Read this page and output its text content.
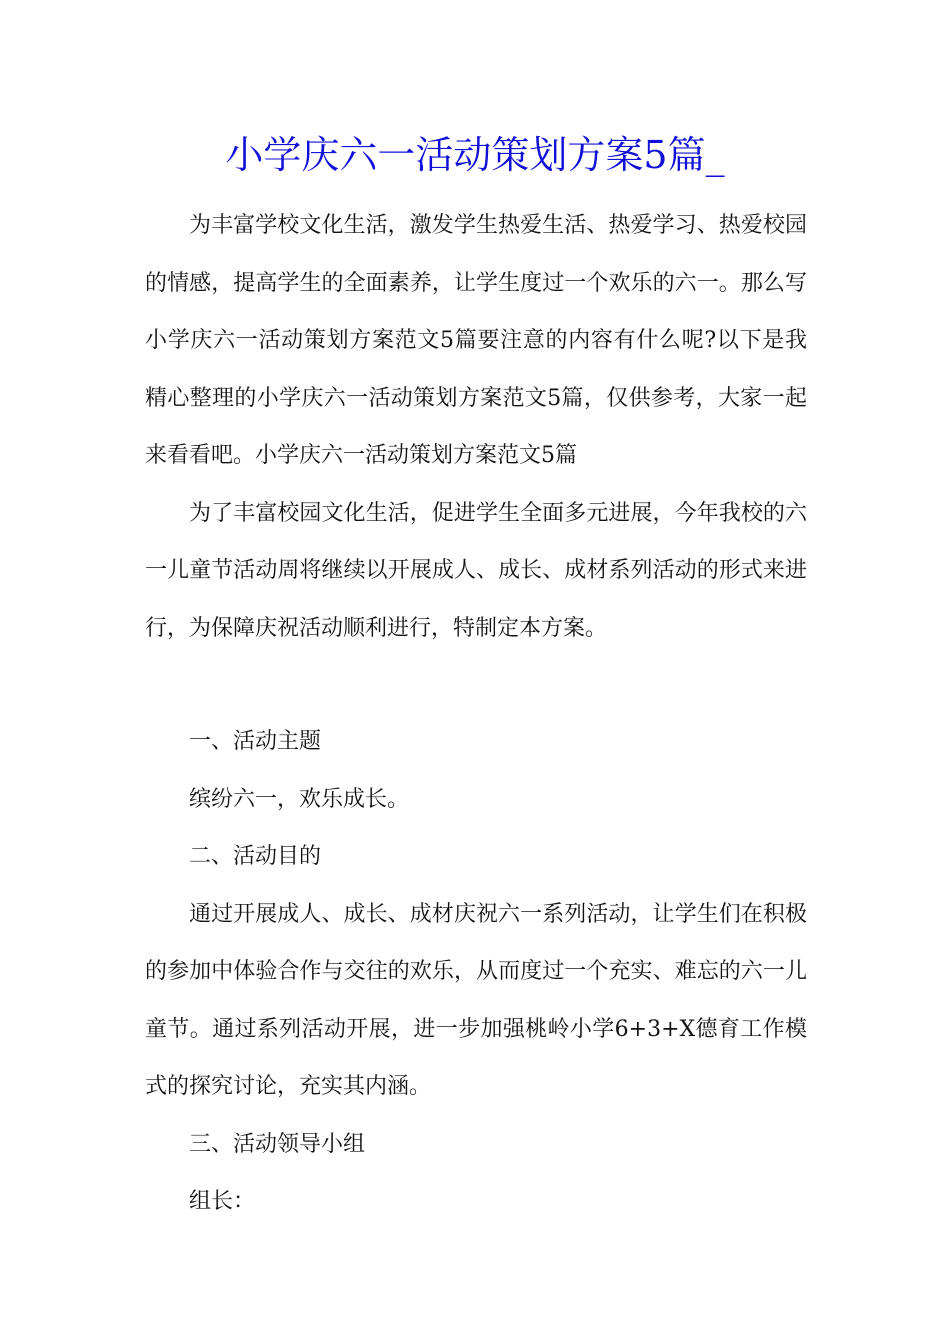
小学庆六一活动策划方案5篇_

为丰富学校文化生活，激发学生热爱生活、热爱学习、热爱校园的情感，提高学生的全面素养，让学生度过一个欢乐的六一。那么写小学庆六一活动策划方案范文5篇要注意的内容有什么呢?以下是我精心整理的小学庆六一活动策划方案范文5篇，仅供参考，大家一起来看看吧。小学庆六一活动策划方案范文5篇

为了丰富校园文化生活，促进学生全面多元进展，今年我校的六一儿童节活动周将继续以开展成人、成长、成材系列活动的形式来进行，为保障庆祝活动顺利进行，特制定本方案。

一、活动主题

缤纷六一，欢乐成长。

二、活动目的

通过开展成人、成长、成材庆祝六一系列活动，让学生们在积极的参加中体验合作与交往的欢乐，从而度过一个充实、难忘的六一儿童节。通过系列活动开展，进一步加强桃岭小学6+3+X德育工作模式的探究讨论，充实其内涵。

三、活动领导小组

组长：
